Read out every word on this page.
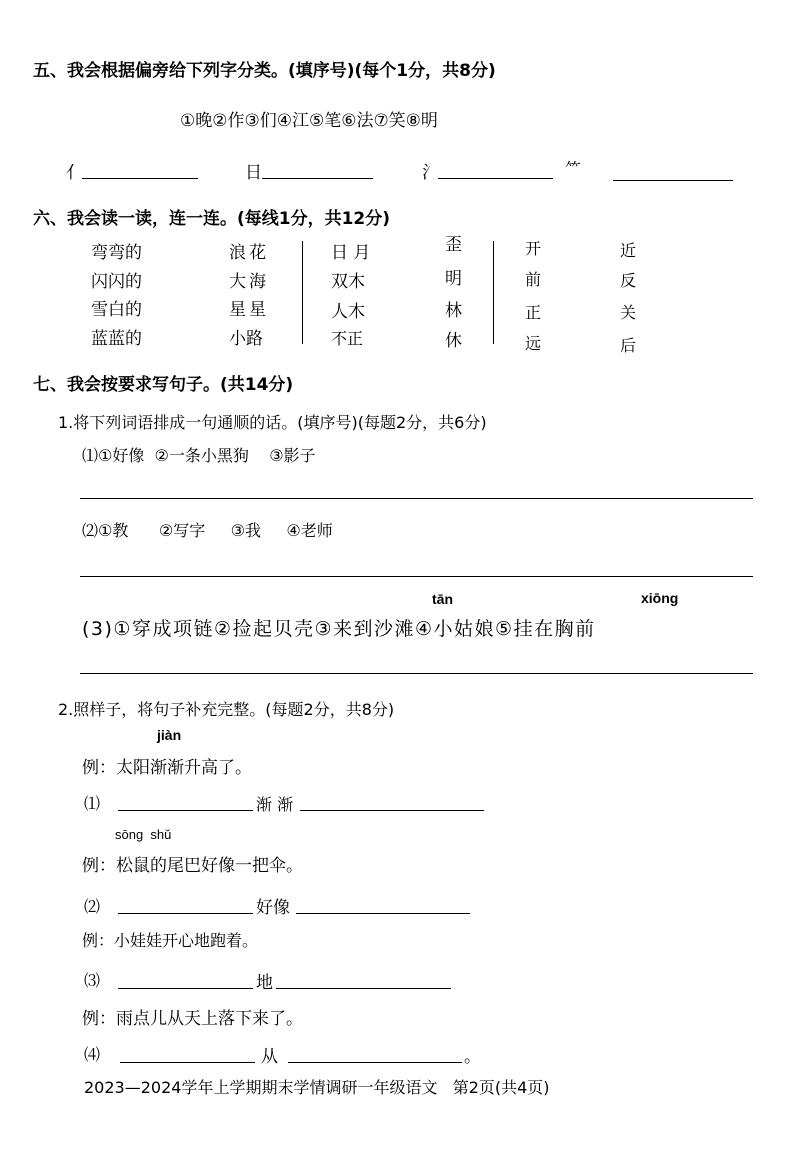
五、我会根据偏旁给下列字分类。(填序号)(每个1分，共8分)
①晚②作③们④江⑤笔⑥法⑦笑⑧明
亻	日	氵	⺮
六、我会读一读，连一连。(每线1分，共12分)
弯弯的
闪闪的
雪白的
蓝蓝的
浪花
大海
星星
小路
日 月
双木
人木
不正
歪
明
林
休
开
前
正
远
近
反
关
后
七、我会按要求写句子。(共14分)
1.将下列词语排成一句通顺的话。(填序号)(每题2分，共6分)
⑴①好像  ②一条小黑狗    ③影子
⑵①教      ②写字     ③我     ④老师
tān	xiōng
(3)①穿成项链②捡起贝壳③来到沙滩④小姑娘⑤挂在胸前
2.照样子，将句子补充完整。(每题2分，共8分)
jiàn
例：太阳渐渐升高了。
⑴	渐 渐
sōng  shǔ
例：松鼠的尾巴好像一把伞。
⑵	好像
例：小娃娃开心地跑着。
⑶	地
例：雨点儿从天上落下来了。
⑷	从	。
2023—2024学年上学期期末学情调研一年级语文   第2页(共4页)
